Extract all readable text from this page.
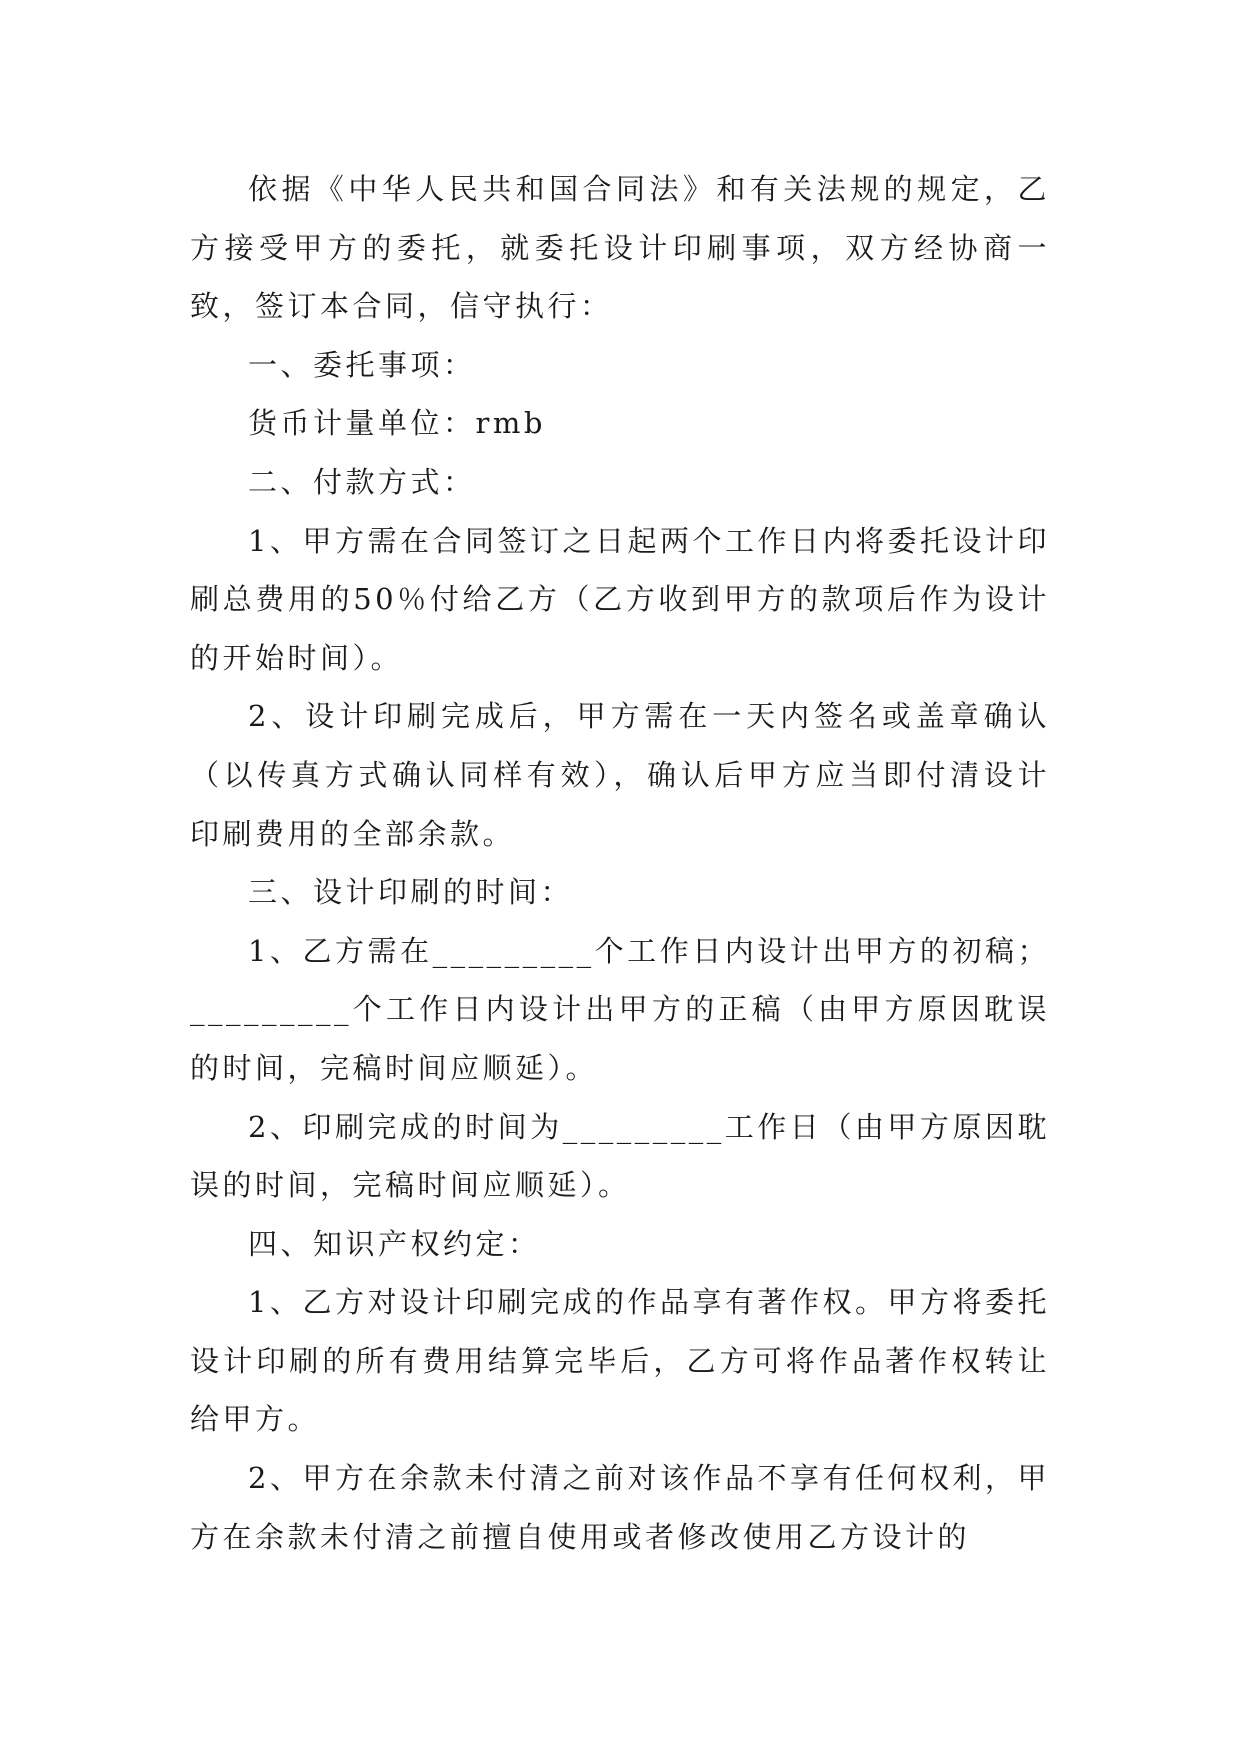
依据《中华人民共和国合同法》和有关法规的规定，乙方接受甲方的委托，就委托设计印刷事项，双方经协商一致，签订本合同，信守执行：

一、委托事项：

货币计量单位：rmb

二、付款方式：

1、甲方需在合同签订之日起两个工作日内将委托设计印刷总费用的50％付给乙方（乙方收到甲方的款项后作为设计的开始时间）。

2、设计印刷完成后，甲方需在一天内签名或盖章确认（以传真方式确认同样有效），确认后甲方应当即付清设计印刷费用的全部余款。

三、设计印刷的时间：

1、乙方需在_________个工作日内设计出甲方的初稿；_________个工作日内设计出甲方的正稿（由甲方原因耽误的时间，完稿时间应顺延）。

2、印刷完成的时间为_________工作日（由甲方原因耽误的时间，完稿时间应顺延）。

四、知识产权约定：

1、乙方对设计印刷完成的作品享有著作权。甲方将委托设计印刷的所有费用结算完毕后，乙方可将作品著作权转让给甲方。

2、甲方在余款未付清之前对该作品不享有任何权利，甲方在余款未付清之前擅自使用或者修改使用乙方设计的
